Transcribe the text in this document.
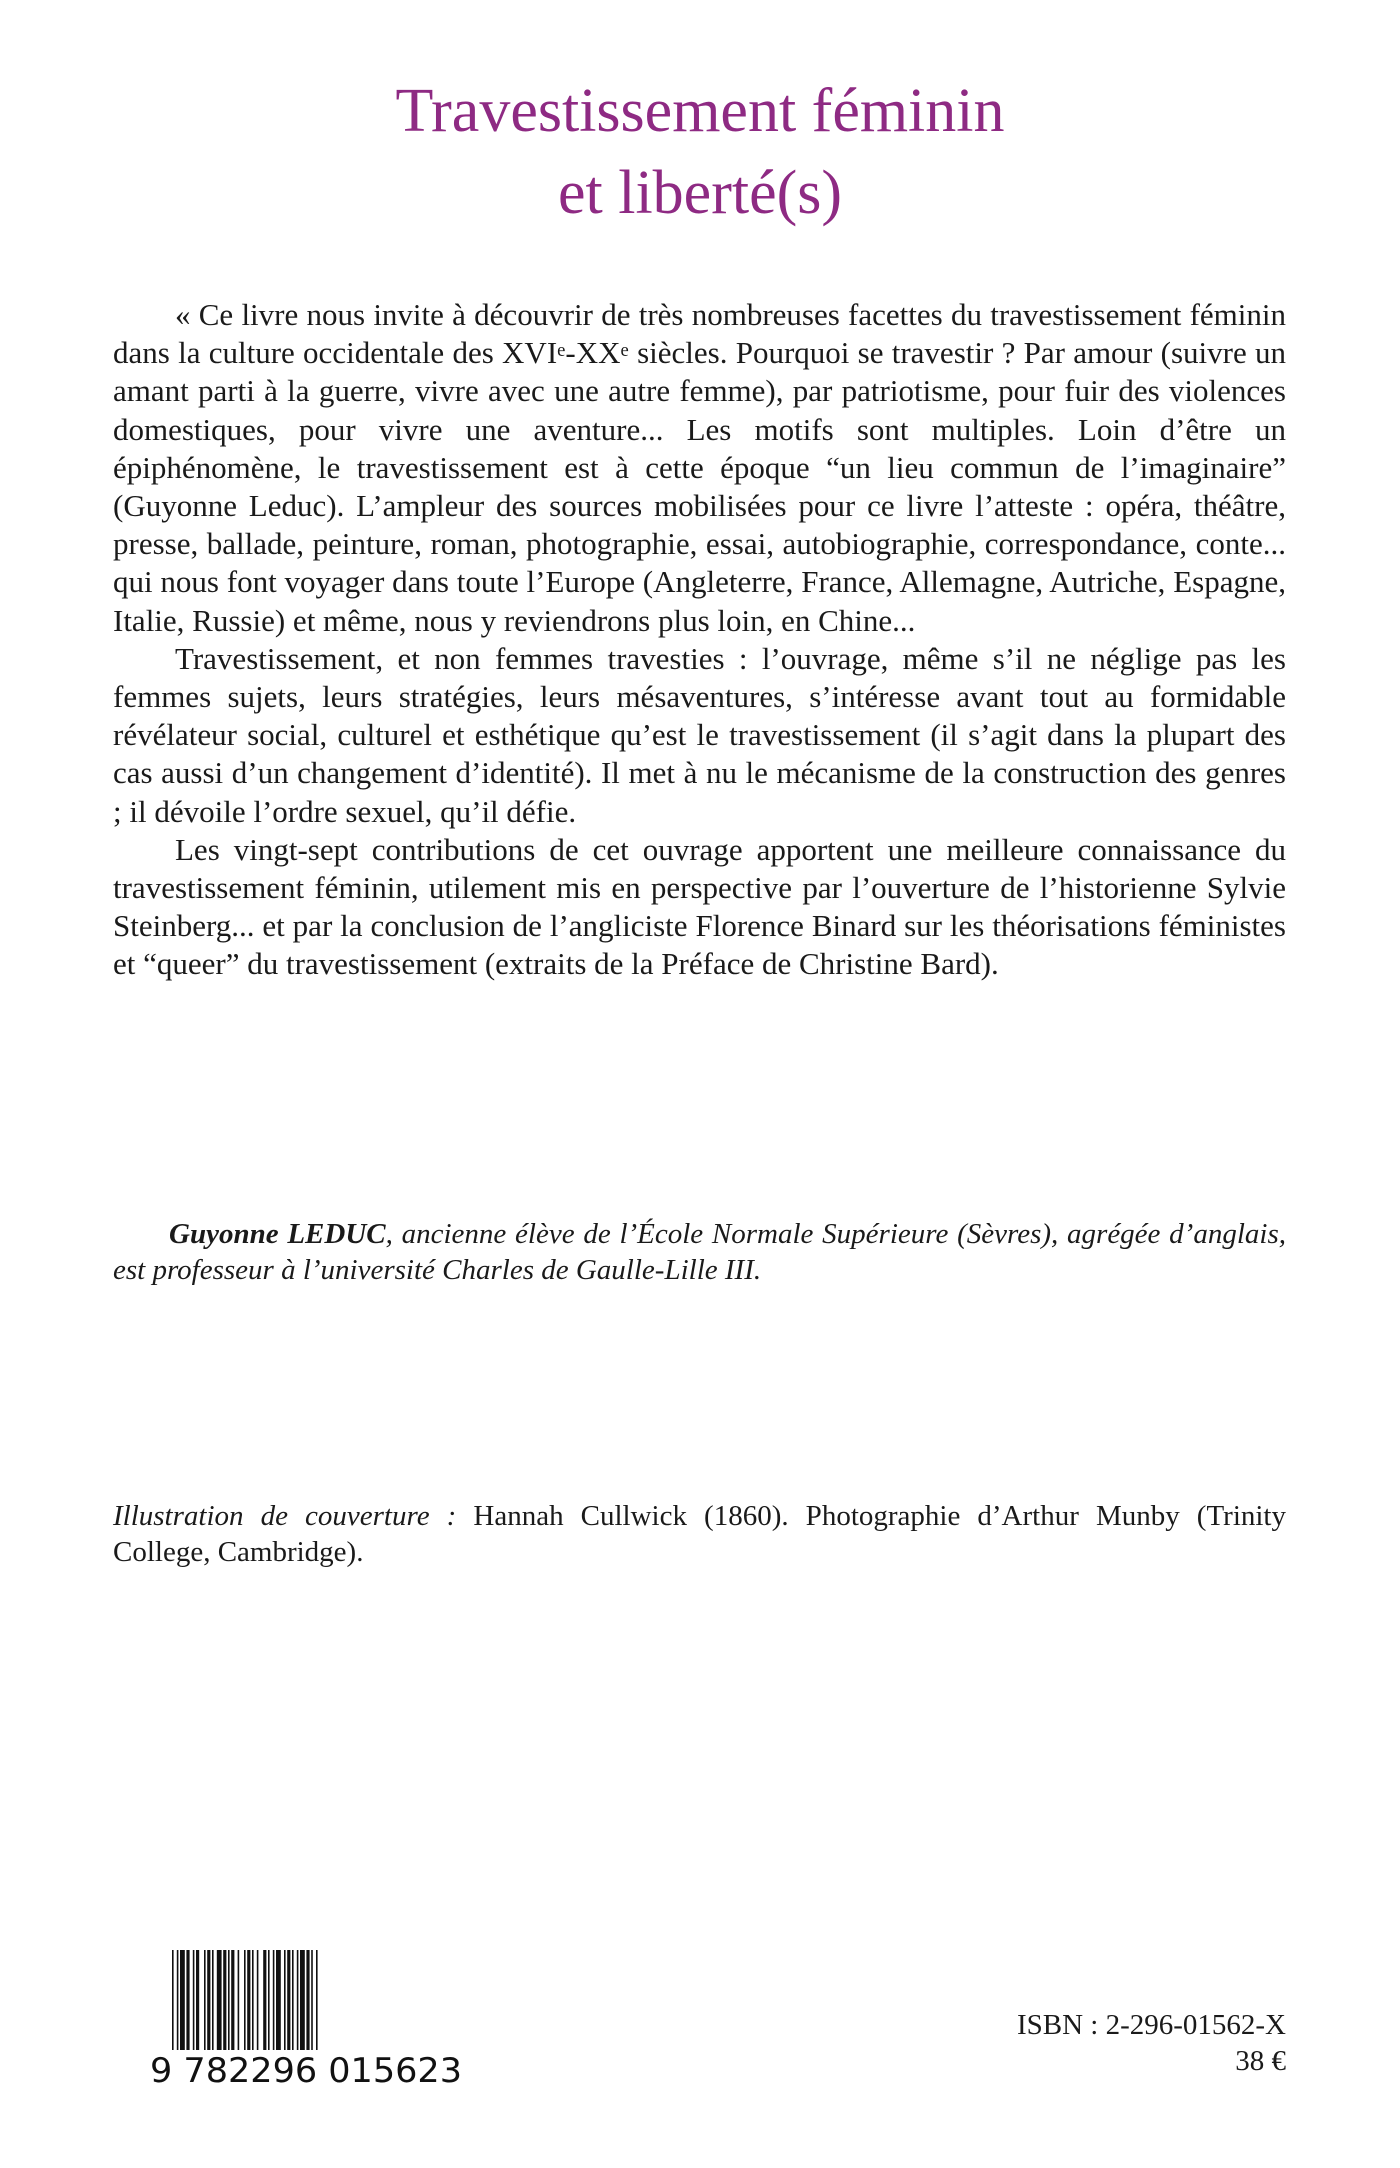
Travestissement féminin
et liberté(s)

« Ce livre nous invite à découvrir de très nombreuses facettes du travestissement féminin dans la culture occidentale des XVIe-XXe siècles. Pourquoi se travestir ? Par amour (suivre un amant parti à la guerre, vivre avec une autre femme), par patriotisme, pour fuir des violences domestiques, pour vivre une aventure... Les motifs sont multiples. Loin d’être un épiphénomène, le travestissement est à cette époque “un lieu commun de l’imaginaire” (Guyonne Leduc). L’ampleur des sources mobilisées pour ce livre l’atteste : opéra, théâtre, presse, ballade, peinture, roman, photographie, essai, autobiographie, correspondance, conte... qui nous font voyager dans toute l’Europe (Angleterre, France, Allemagne, Autriche, Espagne, Italie, Russie) et même, nous y reviendrons plus loin, en Chine...

Travestissement, et non femmes travesties : l’ouvrage, même s’il ne néglige pas les femmes sujets, leurs stratégies, leurs mésaventures, s’intéresse avant tout au formidable révélateur social, culturel et esthétique qu’est le travestissement (il s’agit dans la plupart des cas aussi d’un changement d’identité). Il met à nu le mécanisme de la construction des genres ; il dévoile l’ordre sexuel, qu’il défie.

Les vingt-sept contributions de cet ouvrage apportent une meilleure connaissance du travestissement féminin, utilement mis en perspective par l’ouverture de l’historienne Sylvie Steinberg... et par la conclusion de l’angliciste Florence Binard sur les théorisations féministes et “queer” du travestissement (extraits de la Préface de Christine Bard).

Guyonne LEDUC, ancienne élève de l’École Normale Supérieure (Sèvres), agrégée d’anglais, est professeur à l’université Charles de Gaulle-Lille III.
Illustration de couverture : Hannah Cullwick (1860). Photographie d’Arthur Munby (Trinity College, Cambridge).
9 782296 015623
ISBN : 2-296-01562-X
38 €
